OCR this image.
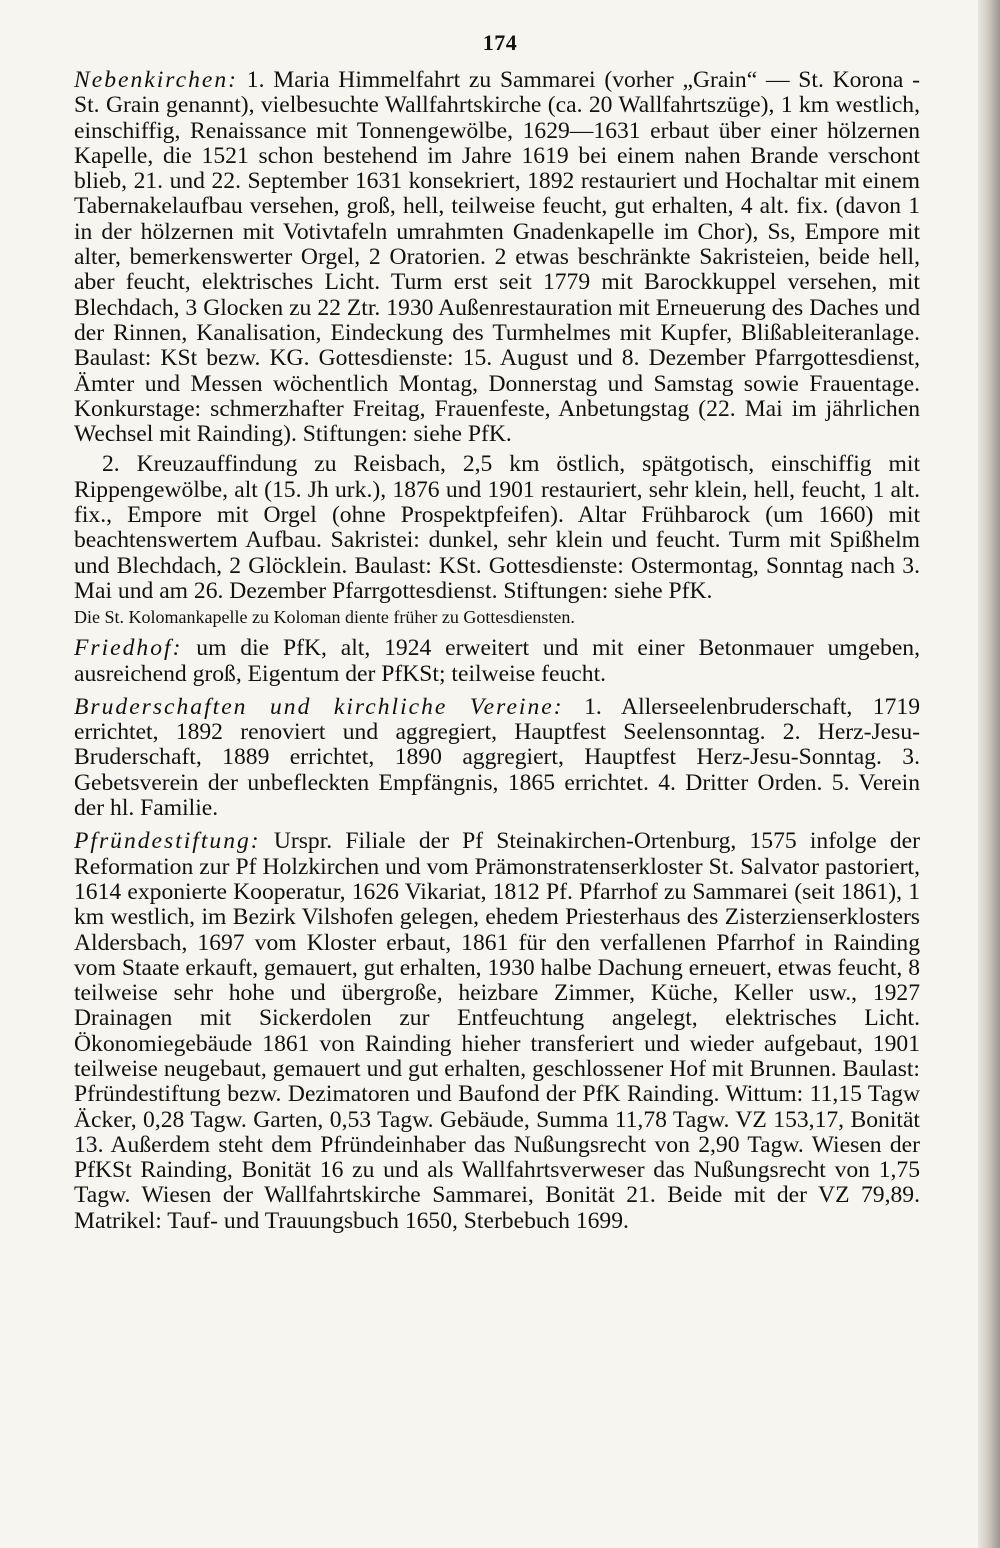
174

Nebenkirchen: 1. Maria Himmelfahrt zu Sammarei (vorher „Grain“ — St. Korona - St. Grain genannt), vielbesuchte Wallfahrtskirche (ca. 20 Wallfahrtszüge), 1 km westlich, einschiffig, Renaissance mit Tonnengewölbe, 1629—1631 erbaut über einer hölzernen Kapelle, die 1521 schon bestehend im Jahre 1619 bei einem nahen Brande verschont blieb, 21. und 22. September 1631 konsekriert, 1892 restauriert und Hochaltar mit einem Tabernakelaufbau versehen, groß, hell, teilweise feucht, gut erhalten, 4 alt. fix. (davon 1 in der hölzernen mit Votivtafeln umrahmten Gnadenkapelle im Chor), Ss, Empore mit alter, bemerkenswerter Orgel, 2 Oratorien. 2 etwas beschränkte Sakristeien, beide hell, aber feucht, elektrisches Licht. Turm erst seit 1779 mit Barockkuppel versehen, mit Blechdach, 3 Glocken zu 22 Ztr. 1930 Außenrestauration mit Erneuerung des Daches und der Rinnen, Kanalisation, Eindeckung des Turmhelmes mit Kupfer, Blißableiteranlage. Baulast: KSt bezw. KG. Gottesdienste: 15. August und 8. Dezember Pfarrgottesdienst, Ämter und Messen wöchentlich Montag, Donnerstag und Samstag sowie Frauentage. Konkurstage: schmerzhafter Freitag, Frauenfeste, Anbetungstag (22. Mai im jährlichen Wechsel mit Rainding). Stiftungen: siehe PfK.

2. Kreuzauffindung zu Reisbach, 2,5 km östlich, spätgotisch, einschiffig mit Rippengewölbe, alt (15. Jh urk.), 1876 und 1901 restauriert, sehr klein, hell, feucht, 1 alt. fix., Empore mit Orgel (ohne Prospektpfeifen). Altar Frühbarock (um 1660) mit beachtenswertem Aufbau. Sakristei: dunkel, sehr klein und feucht. Turm mit Spißhelm und Blechdach, 2 Glöcklein. Baulast: KSt. Gottesdienste: Ostermontag, Sonntag nach 3. Mai und am 26. Dezember Pfarrgottesdienst. Stiftungen: siehe PfK.

Die St. Kolomankapelle zu Koloman diente früher zu Gottesdiensten.

Friedhof: um die PfK, alt, 1924 erweitert und mit einer Betonmauer umgeben, ausreichend groß, Eigentum der PfKSt; teilweise feucht.

Bruderschaften und kirchliche Vereine: 1. Allerseelenbruderschaft, 1719 errichtet, 1892 renoviert und aggregiert, Hauptfest Seelensonntag. 2. Herz-Jesu-Bruderschaft, 1889 errichtet, 1890 aggregiert, Hauptfest Herz-Jesu-Sonntag. 3. Gebetsverein der unbefleckten Empfängnis, 1865 errichtet. 4. Dritter Orden. 5. Verein der hl. Familie.

Pfründestiftung: Urspr. Filiale der Pf Steinakirchen-Ortenburg, 1575 infolge der Reformation zur Pf Holzkirchen und vom Prämonstratenserkloster St. Salvator pastoriert, 1614 exponierte Kooperatur, 1626 Vikariat, 1812 Pf. Pfarrhof zu Sammarei (seit 1861), 1 km westlich, im Bezirk Vilshofen gelegen, ehedem Priesterhaus des Zisterzienserklosters Aldersbach, 1697 vom Kloster erbaut, 1861 für den verfallenen Pfarrhof in Rainding vom Staate erkauft, gemauert, gut erhalten, 1930 halbe Dachung erneuert, etwas feucht, 8 teilweise sehr hohe und übergroße, heizbare Zimmer, Küche, Keller usw., 1927 Drainagen mit Sickerdolen zur Entfeuchtung angelegt, elektrisches Licht. Ökonomiegebäude 1861 von Rainding hieher transferiert und wieder aufgebaut, 1901 teilweise neugebaut, gemauert und gut erhalten, geschlossener Hof mit Brunnen. Baulast: Pfründestiftung bezw. Dezimatoren und Baufond der PfK Rainding. Wittum: 11,15 Tagw Äcker, 0,28 Tagw. Garten, 0,53 Tagw. Gebäude, Summa 11,78 Tagw. VZ 153,17, Bonität 13. Außerdem steht dem Pfründeinhaber das Nußungsrecht von 2,90 Tagw. Wiesen der PfKSt Rainding, Bonität 16 zu und als Wallfahrtsverweser das Nußungsrecht von 1,75 Tagw. Wiesen der Wallfahrtskirche Sammarei, Bonität 21. Beide mit der VZ 79,89. Matrikel: Tauf- und Trauungsbuch 1650, Sterbebuch 1699.
